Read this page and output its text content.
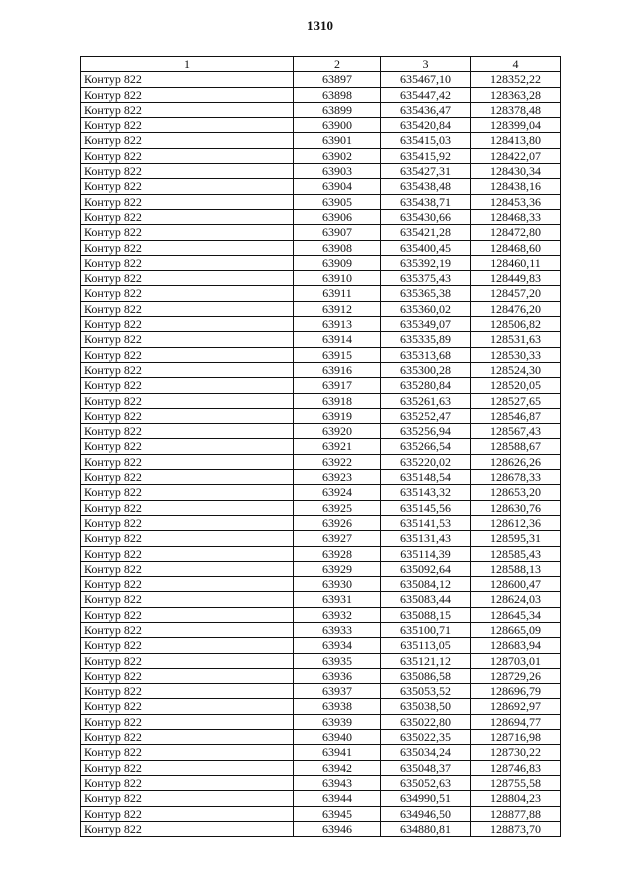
1310
1	2	3	4
Контур 822	63897	635467,10	128352,22
Контур 822	63898	635447,42	128363,28
Контур 822	63899	635436,47	128378,48
Контур 822	63900	635420,84	128399,04
Контур 822	63901	635415,03	128413,80
Контур 822	63902	635415,92	128422,07
Контур 822	63903	635427,31	128430,34
Контур 822	63904	635438,48	128438,16
Контур 822	63905	635438,71	128453,36
Контур 822	63906	635430,66	128468,33
Контур 822	63907	635421,28	128472,80
Контур 822	63908	635400,45	128468,60
Контур 822	63909	635392,19	128460,11
Контур 822	63910	635375,43	128449,83
Контур 822	63911	635365,38	128457,20
Контур 822	63912	635360,02	128476,20
Контур 822	63913	635349,07	128506,82
Контур 822	63914	635335,89	128531,63
Контур 822	63915	635313,68	128530,33
Контур 822	63916	635300,28	128524,30
Контур 822	63917	635280,84	128520,05
Контур 822	63918	635261,63	128527,65
Контур 822	63919	635252,47	128546,87
Контур 822	63920	635256,94	128567,43
Контур 822	63921	635266,54	128588,67
Контур 822	63922	635220,02	128626,26
Контур 822	63923	635148,54	128678,33
Контур 822	63924	635143,32	128653,20
Контур 822	63925	635145,56	128630,76
Контур 822	63926	635141,53	128612,36
Контур 822	63927	635131,43	128595,31
Контур 822	63928	635114,39	128585,43
Контур 822	63929	635092,64	128588,13
Контур 822	63930	635084,12	128600,47
Контур 822	63931	635083,44	128624,03
Контур 822	63932	635088,15	128645,34
Контур 822	63933	635100,71	128665,09
Контур 822	63934	635113,05	128683,94
Контур 822	63935	635121,12	128703,01
Контур 822	63936	635086,58	128729,26
Контур 822	63937	635053,52	128696,79
Контур 822	63938	635038,50	128692,97
Контур 822	63939	635022,80	128694,77
Контур 822	63940	635022,35	128716,98
Контур 822	63941	635034,24	128730,22
Контур 822	63942	635048,37	128746,83
Контур 822	63943	635052,63	128755,58
Контур 822	63944	634990,51	128804,23
Контур 822	63945	634946,50	128877,88
Контур 822	63946	634880,81	128873,70
